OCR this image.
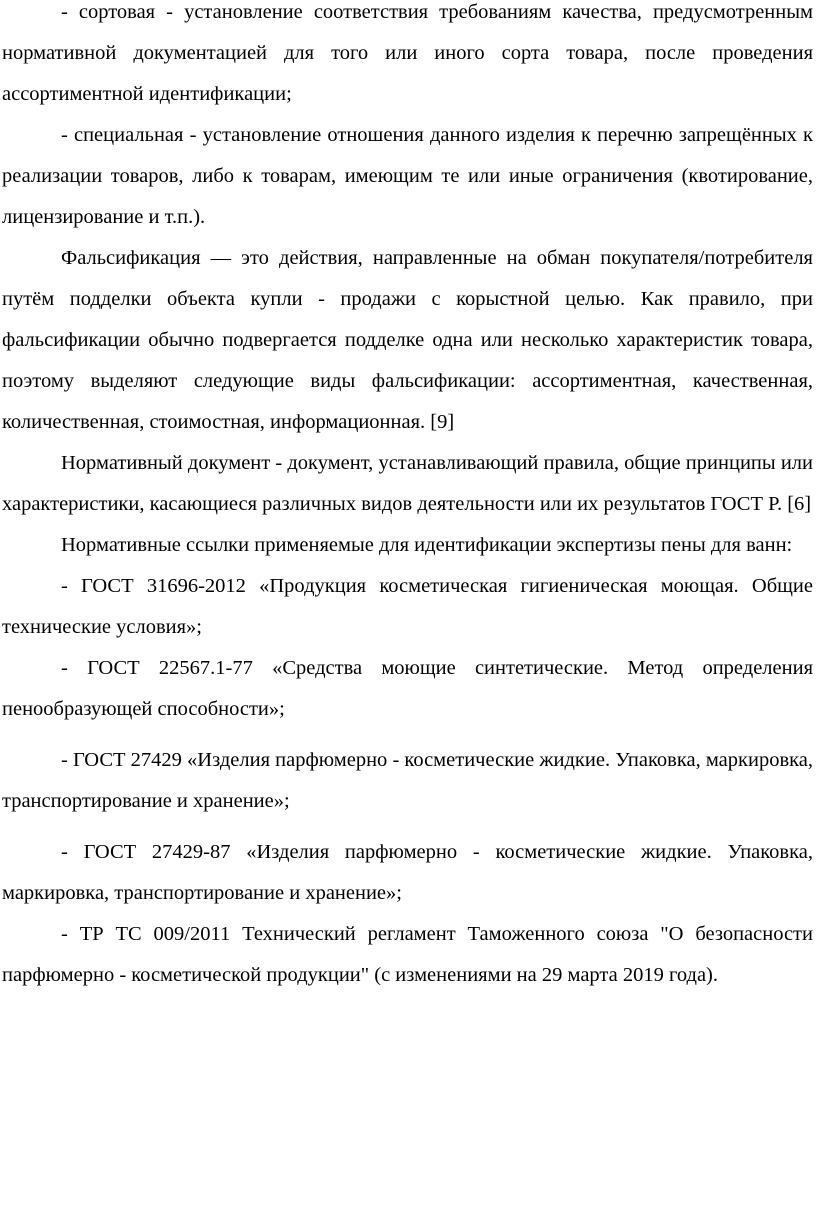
- сортовая - установление соответствия требованиям качества, предусмотренным нормативной документацией для того или иного сорта товара, после проведения ассортиментной идентификации;

- специальная - установление отношения данного изделия к перечню запрещённых к реализации товаров, либо к товарам, имеющим те или иные ограничения (квотирование, лицензирование и т.п.).

Фальсификация — это действия, направленные на обман покупателя/потребителя путём подделки объекта купли - продажи с корыстной целью. Как правило, при фальсификации обычно подвергается подделке одна или несколько характеристик товара, поэтому выделяют следующие виды фальсификации: ассортиментная, качественная, количественная, стоимостная, информационная. [9]

Нормативный документ - документ, устанавливающий правила, общие принципы или характеристики, касающиеся различных видов деятельности или их результатов ГОСТ Р. [6]

Нормативные ссылки применяемые для идентификации экспертизы пены для ванн:

- ГОСТ 31696-2012 «Продукция косметическая гигиеническая моющая. Общие технические условия»;

- ГОСТ 22567.1-77 «Средства моющие синтетические. Метод определения пенообразующей способности»;

- ГОСТ 27429 «Изделия парфюмерно - косметические жидкие. Упаковка, маркировка, транспортирование и хранение»;

- ГОСТ 27429-87 «Изделия парфюмерно - косметические жидкие. Упаковка, маркировка, транспортирование и хранение»;

- ТР ТС 009/2011 Технический регламент Таможенного союза "О безопасности парфюмерно - косметической продукции" (с изменениями на 29 марта 2019 года).
